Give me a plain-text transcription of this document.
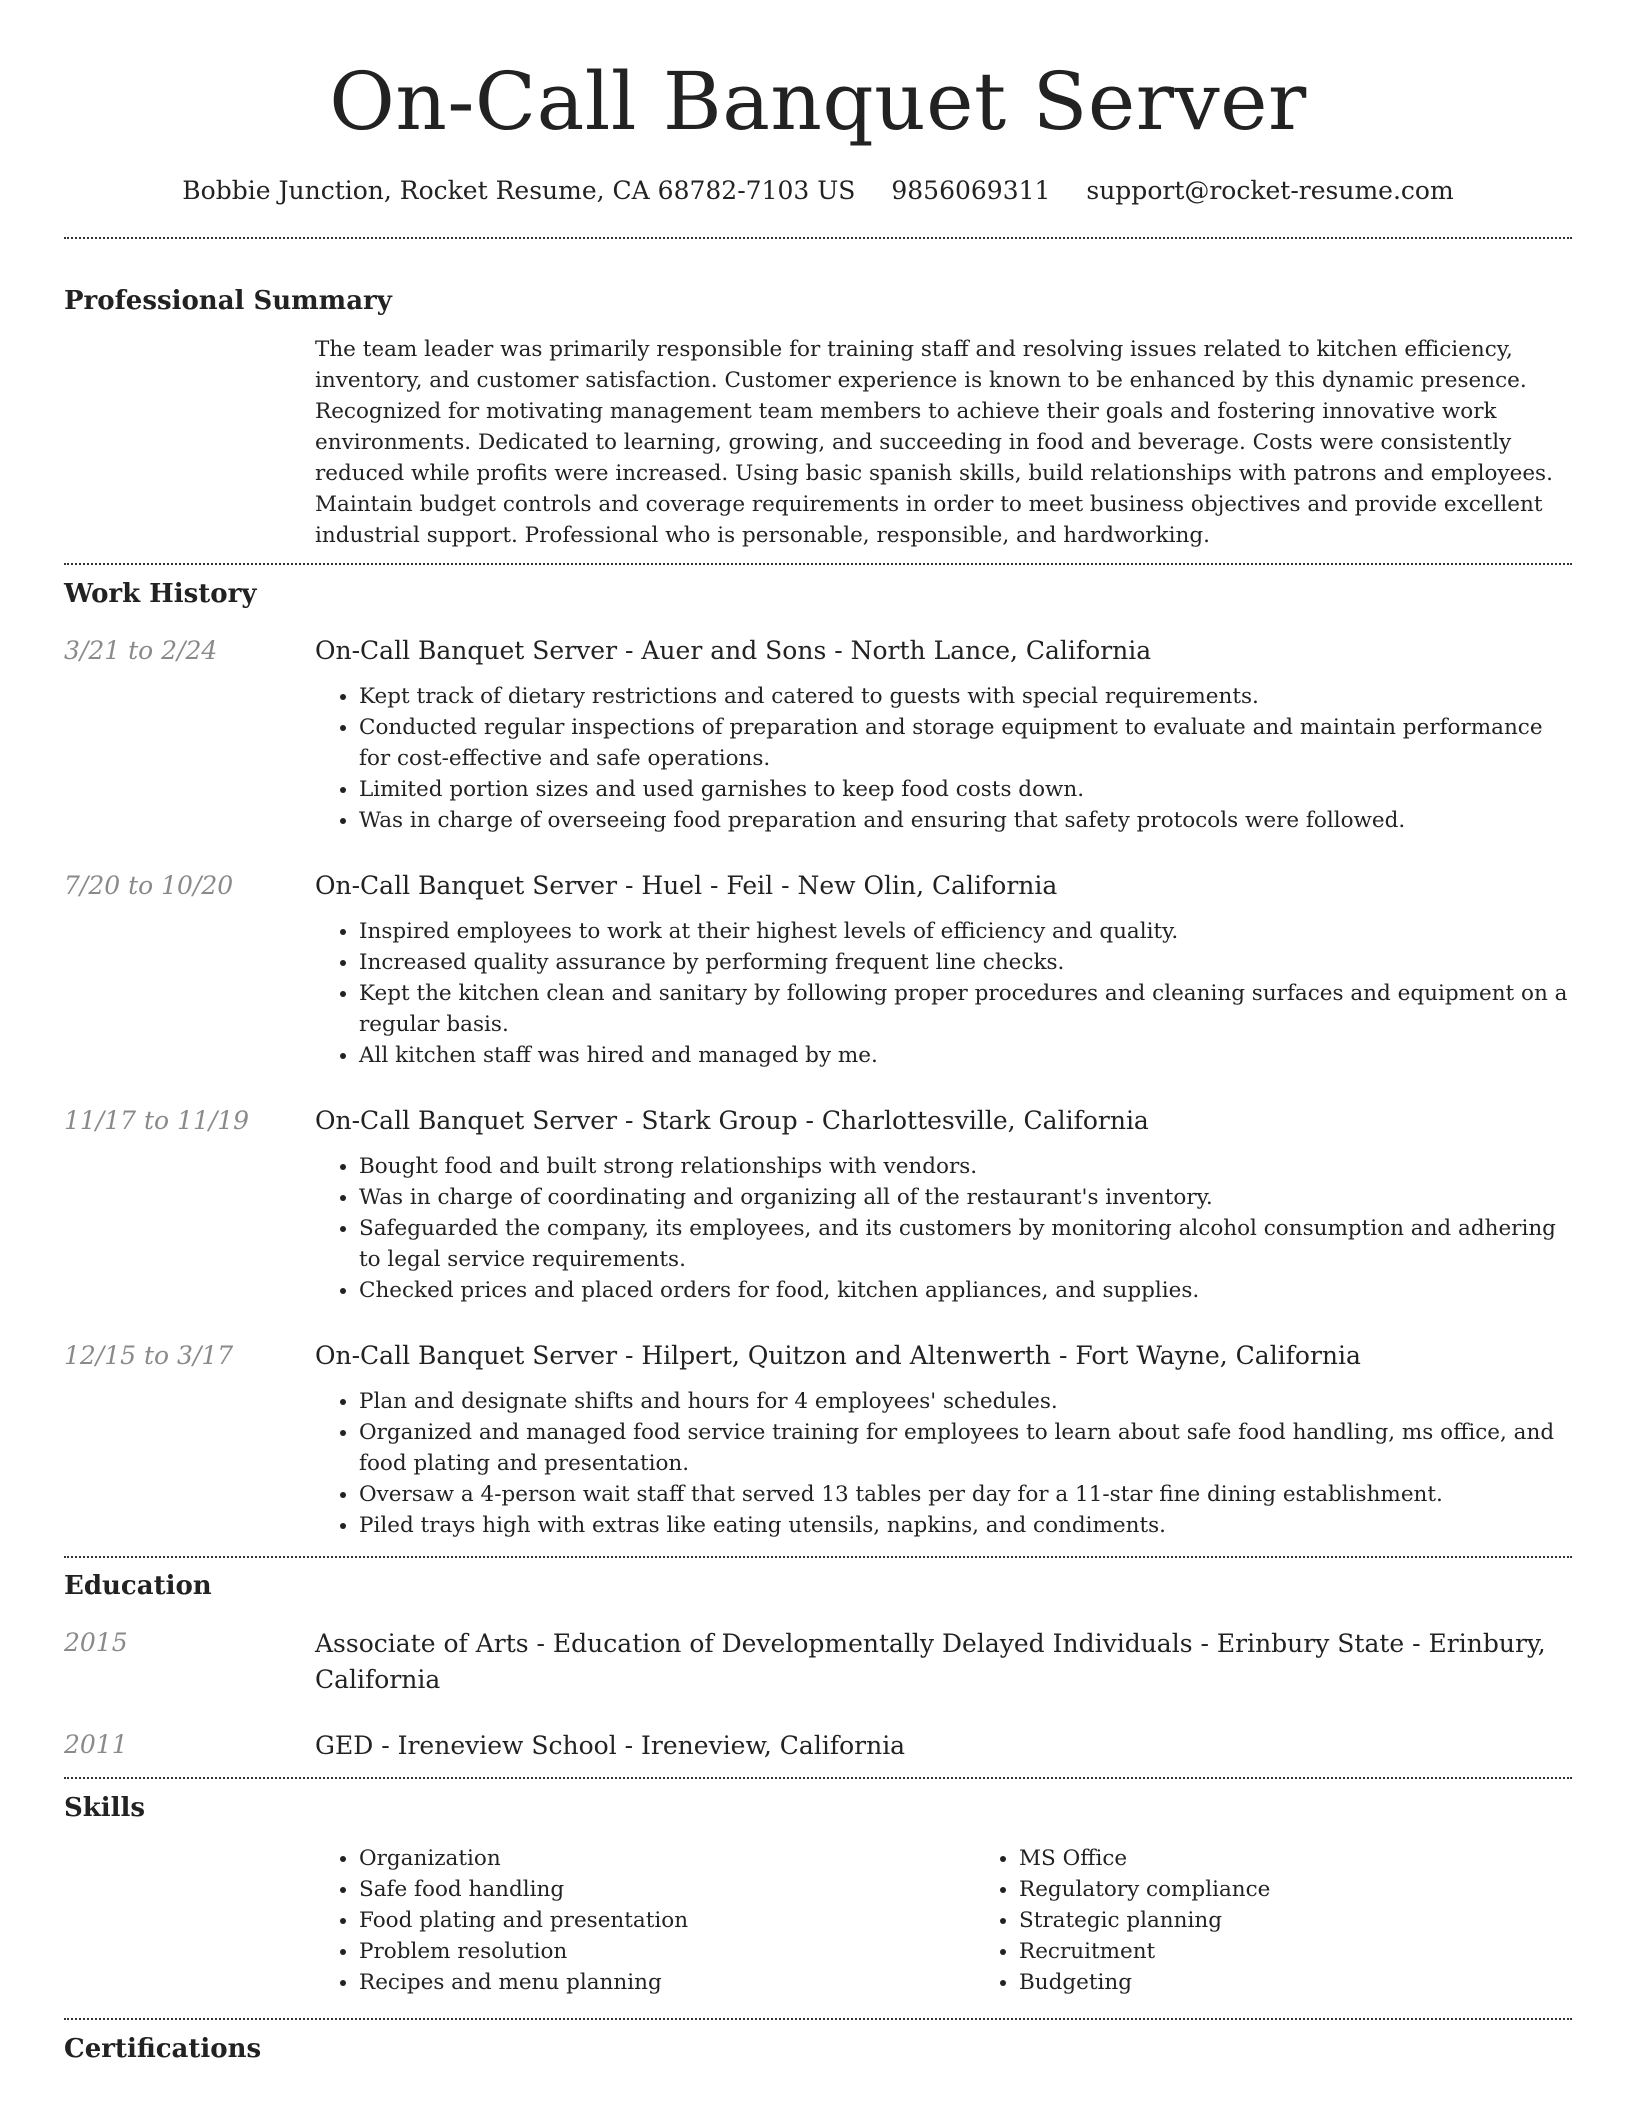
On-Call Banquet Server
Bobbie Junction, Rocket Resume, CA 68782-7103 US 9856069311 support@rocket-resume.com
Professional Summary

The team leader was primarily responsible for training staff and resolving issues related to kitchen efficiency, inventory, and customer satisfaction. Customer experience is known to be enhanced by this dynamic presence. Recognized for motivating management team members to achieve their goals and fostering innovative work environments. Dedicated to learning, growing, and succeeding in food and beverage. Costs were consistently reduced while profits were increased. Using basic spanish skills, build relationships with patrons and employees. Maintain budget controls and coverage requirements in order to meet business objectives and provide excellent industrial support. Professional who is personable, responsible, and hardworking.

Work History
3/21 to 2/24	On-Call Banquet Server - Auer and Sons - North Lance, California
• Kept track of dietary restrictions and catered to guests with special requirements.
• Conducted regular inspections of preparation and storage equipment to evaluate and maintain performance for cost-effective and safe operations.
• Limited portion sizes and used garnishes to keep food costs down.
• Was in charge of overseeing food preparation and ensuring that safety protocols were followed.
7/20 to 10/20	On-Call Banquet Server - Huel - Feil - New Olin, California
• Inspired employees to work at their highest levels of efficiency and quality.
• Increased quality assurance by performing frequent line checks.
• Kept the kitchen clean and sanitary by following proper procedures and cleaning surfaces and equipment on a regular basis.
• All kitchen staff was hired and managed by me.
11/17 to 11/19	On-Call Banquet Server - Stark Group - Charlottesville, California
• Bought food and built strong relationships with vendors.
• Was in charge of coordinating and organizing all of the restaurant's inventory.
• Safeguarded the company, its employees, and its customers by monitoring alcohol consumption and adhering to legal service requirements.
• Checked prices and placed orders for food, kitchen appliances, and supplies.
12/15 to 3/17	On-Call Banquet Server - Hilpert, Quitzon and Altenwerth - Fort Wayne, California
• Plan and designate shifts and hours for 4 employees' schedules.
• Organized and managed food service training for employees to learn about safe food handling, ms office, and food plating and presentation.
• Oversaw a 4-person wait staff that served 13 tables per day for a 11-star fine dining establishment.
• Piled trays high with extras like eating utensils, napkins, and condiments.
Education
2015	Associate of Arts - Education of Developmentally Delayed Individuals - Erinbury State - Erinbury, California
2011	GED - Ireneview School - Ireneview, California
Skills
• Organization
• Safe food handling
• Food plating and presentation
• Problem resolution
• Recipes and menu planning
• MS Office
• Regulatory compliance
• Strategic planning
• Recruitment
• Budgeting
Certifications
